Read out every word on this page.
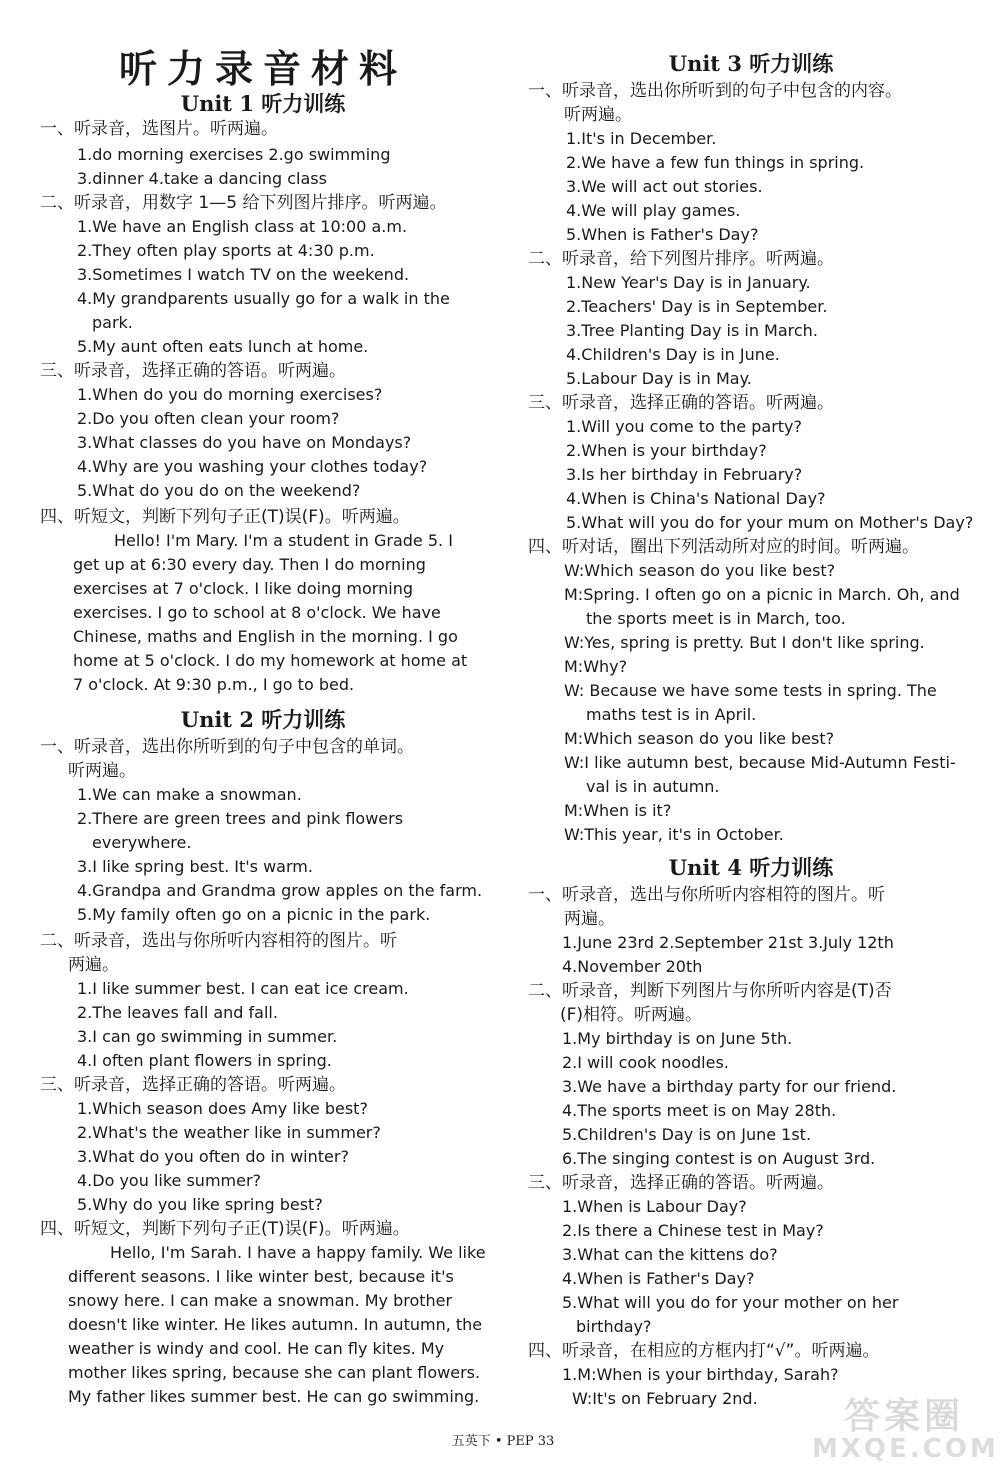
听力录音材料
Unit 1 听力训练
一、听录音，选图片。听两遍。
1.do morning exercises 2.go swimming
3.dinner 4.take a dancing class
二、听录音，用数字 1—5 给下列图片排序。听两遍。
1.We have an English class at 10:00 a.m.
2.They often play sports at 4:30 p.m.
3.Sometimes I watch TV on the weekend.
4.My grandparents usually go for a walk in the
park.
5.My aunt often eats lunch at home.
三、听录音，选择正确的答语。听两遍。
1.When do you do morning exercises?
2.Do you often clean your room?
3.What classes do you have on Mondays?
4.Why are you washing your clothes today?
5.What do you do on the weekend?
四、听短文，判断下列句子正(T)误(F)。听两遍。
Hello! I'm Mary. I'm a student in Grade 5. I
get up at 6:30 every day. Then I do morning
exercises at 7 o'clock. I like doing morning
exercises. I go to school at 8 o'clock. We have
Chinese, maths and English in the morning. I go
home at 5 o'clock. I do my homework at home at
7 o'clock. At 9:30 p.m., I go to bed.
Unit 2 听力训练
一、听录音，选出你所听到的句子中包含的单词。
听两遍。
1.We can make a snowman.
2.There are green trees and pink flowers
everywhere.
3.I like spring best. It's warm.
4.Grandpa and Grandma grow apples on the farm.
5.My family often go on a picnic in the park.
二、听录音，选出与你所听内容相符的图片。听
两遍。
1.I like summer best. I can eat ice cream.
2.The leaves fall and fall.
3.I can go swimming in summer.
4.I often plant flowers in spring.
三、听录音，选择正确的答语。听两遍。
1.Which season does Amy like best?
2.What's the weather like in summer?
3.What do you often do in winter?
4.Do you like summer?
5.Why do you like spring best?
四、听短文，判断下列句子正(T)误(F)。听两遍。
Hello, I'm Sarah. I have a happy family. We like
different seasons. I like winter best, because it's
snowy here. I can make a snowman. My brother
doesn't like winter. He likes autumn. In autumn, the
weather is windy and cool. He can fly kites. My
mother likes spring, because she can plant flowers.
My father likes summer best. He can go swimming.
Unit 3 听力训练
一、听录音，选出你所听到的句子中包含的内容。
听两遍。
1.It's in December.
2.We have a few fun things in spring.
3.We will act out stories.
4.We will play games.
5.When is Father's Day?
二、听录音，给下列图片排序。听两遍。
1.New Year's Day is in January.
2.Teachers' Day is in September.
3.Tree Planting Day is in March.
4.Children's Day is in June.
5.Labour Day is in May.
三、听录音，选择正确的答语。听两遍。
1.Will you come to the party?
2.When is your birthday?
3.Is her birthday in February?
4.When is China's National Day?
5.What will you do for your mum on Mother's Day?
四、听对话，圈出下列活动所对应的时间。听两遍。
W:Which season do you like best?
M:Spring. I often go on a picnic in March. Oh, and
the sports meet is in March, too.
W:Yes, spring is pretty. But I don't like spring.
M:Why?
W: Because we have some tests in spring. The
maths test is in April.
M:Which season do you like best?
W:I like autumn best, because Mid-Autumn Festi-
val is in autumn.
M:When is it?
W:This year, it's in October.
Unit 4 听力训练
一、听录音，选出与你所听内容相符的图片。听
两遍。
1.June 23rd 2.September 21st 3.July 12th
4.November 20th
二、听录音，判断下列图片与你所听内容是(T)否
(F)相符。听两遍。
1.My birthday is on June 5th.
2.I will cook noodles.
3.We have a birthday party for our friend.
4.The sports meet is on May 28th.
5.Children's Day is on June 1st.
6.The singing contest is on August 3rd.
三、听录音，选择正确的答语。听两遍。
1.When is Labour Day?
2.Is there a Chinese test in May?
3.What can the kittens do?
4.When is Father's Day?
5.What will you do for your mother on her
birthday?
四、听录音，在相应的方框内打“√”。听两遍。
1.M:When is your birthday, Sarah?
W:It's on February 2nd.
五英下 • PEP 33
答案圈
MXQE.COM
